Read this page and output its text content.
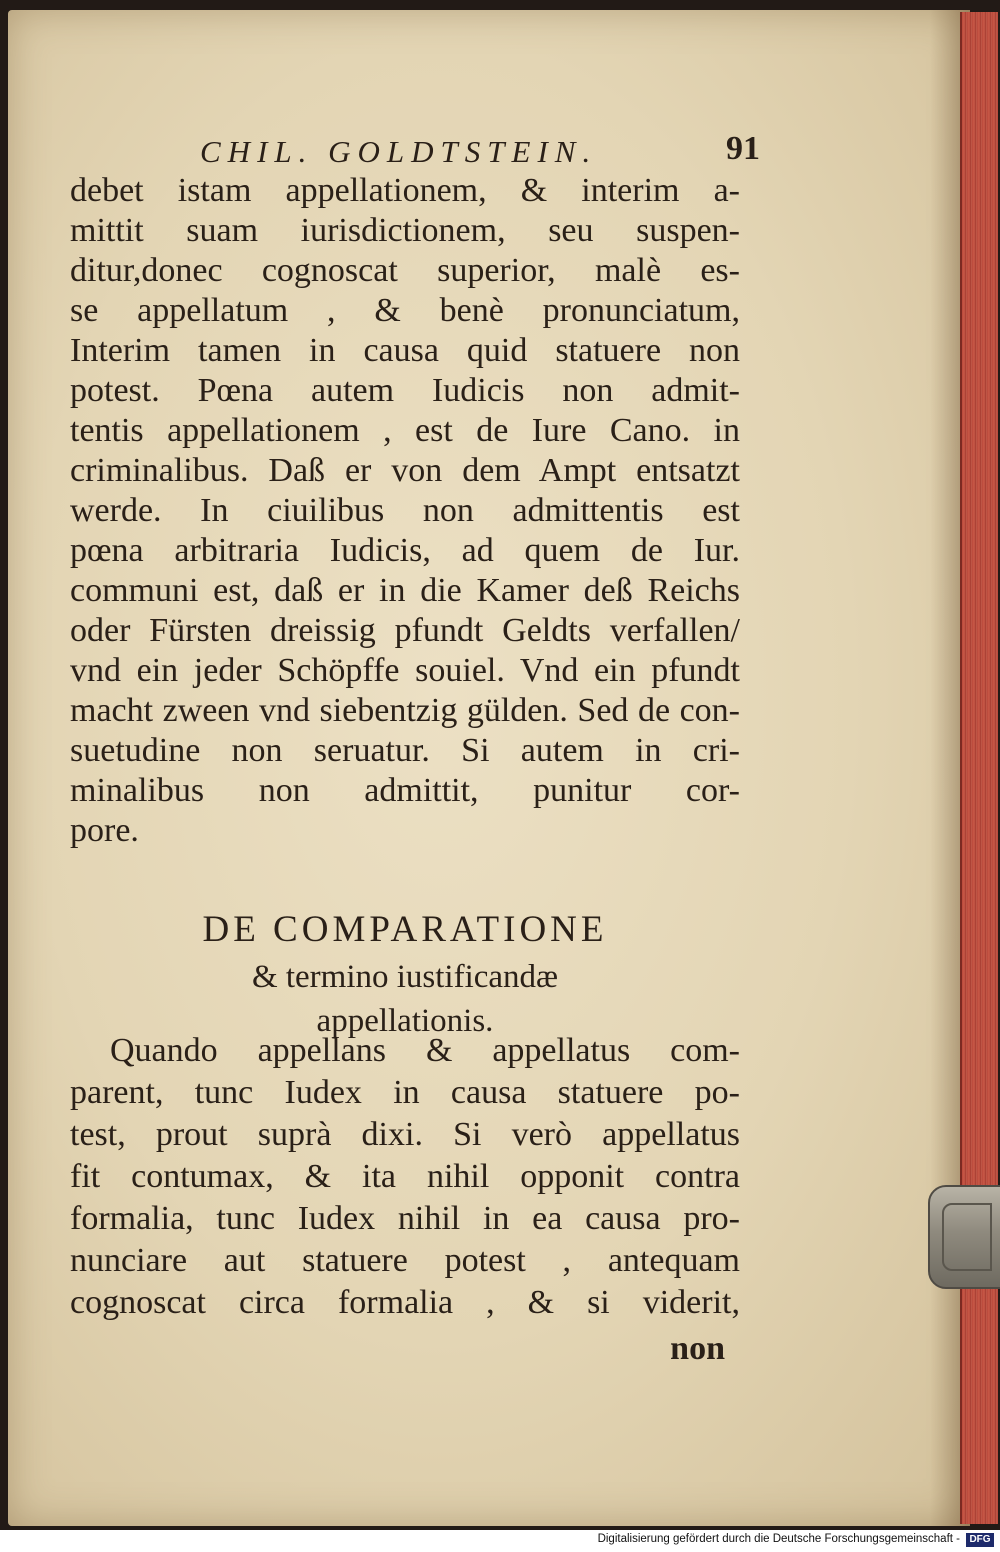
CHIL. GOLDTSTEIN.	91
debet istam appellationem, & interim a-
mittit suam iurisdictionem, seu suspen-
ditur,donec cognoscat superior, malè es-
se appellatum , & benè pronunciatum,
Interim tamen in causa quid statuere non
potest. Pœna autem Iudicis non admit-
tentis appellationem , est de Iure Cano. in
criminalibus. Daß er von dem Ampt entsatzt
werde. In ciuilibus non admittentis est
pœna arbitraria Iudicis, ad quem de Iur.
communi est, daß er in die Kamer deß Reichs
oder Fürsten dreissig pfundt Geldts verfallen/
vnd ein jeder Schöpffe souiel. Vnd ein pfundt
macht zween vnd siebentzig gülden. Sed de con-
suetudine non seruatur. Si autem in cri-
minalibus non admittit, punitur cor-
pore.
DE COMPARATIONE
& termino iustificandæ
appellationis.
Quando appellans & appellatus com-
parent, tunc Iudex in causa statuere po-
test, prout suprà dixi. Si verò appellatus
fit contumax, & ita nihil opponit contra
formalia, tunc Iudex nihil in ea causa pro-
nunciare aut statuere potest , antequam
cognoscat circa formalia , & si viderit,
non
Digitalisierung gefördert durch die Deutsche Forschungsgemeinschaft - DFG
